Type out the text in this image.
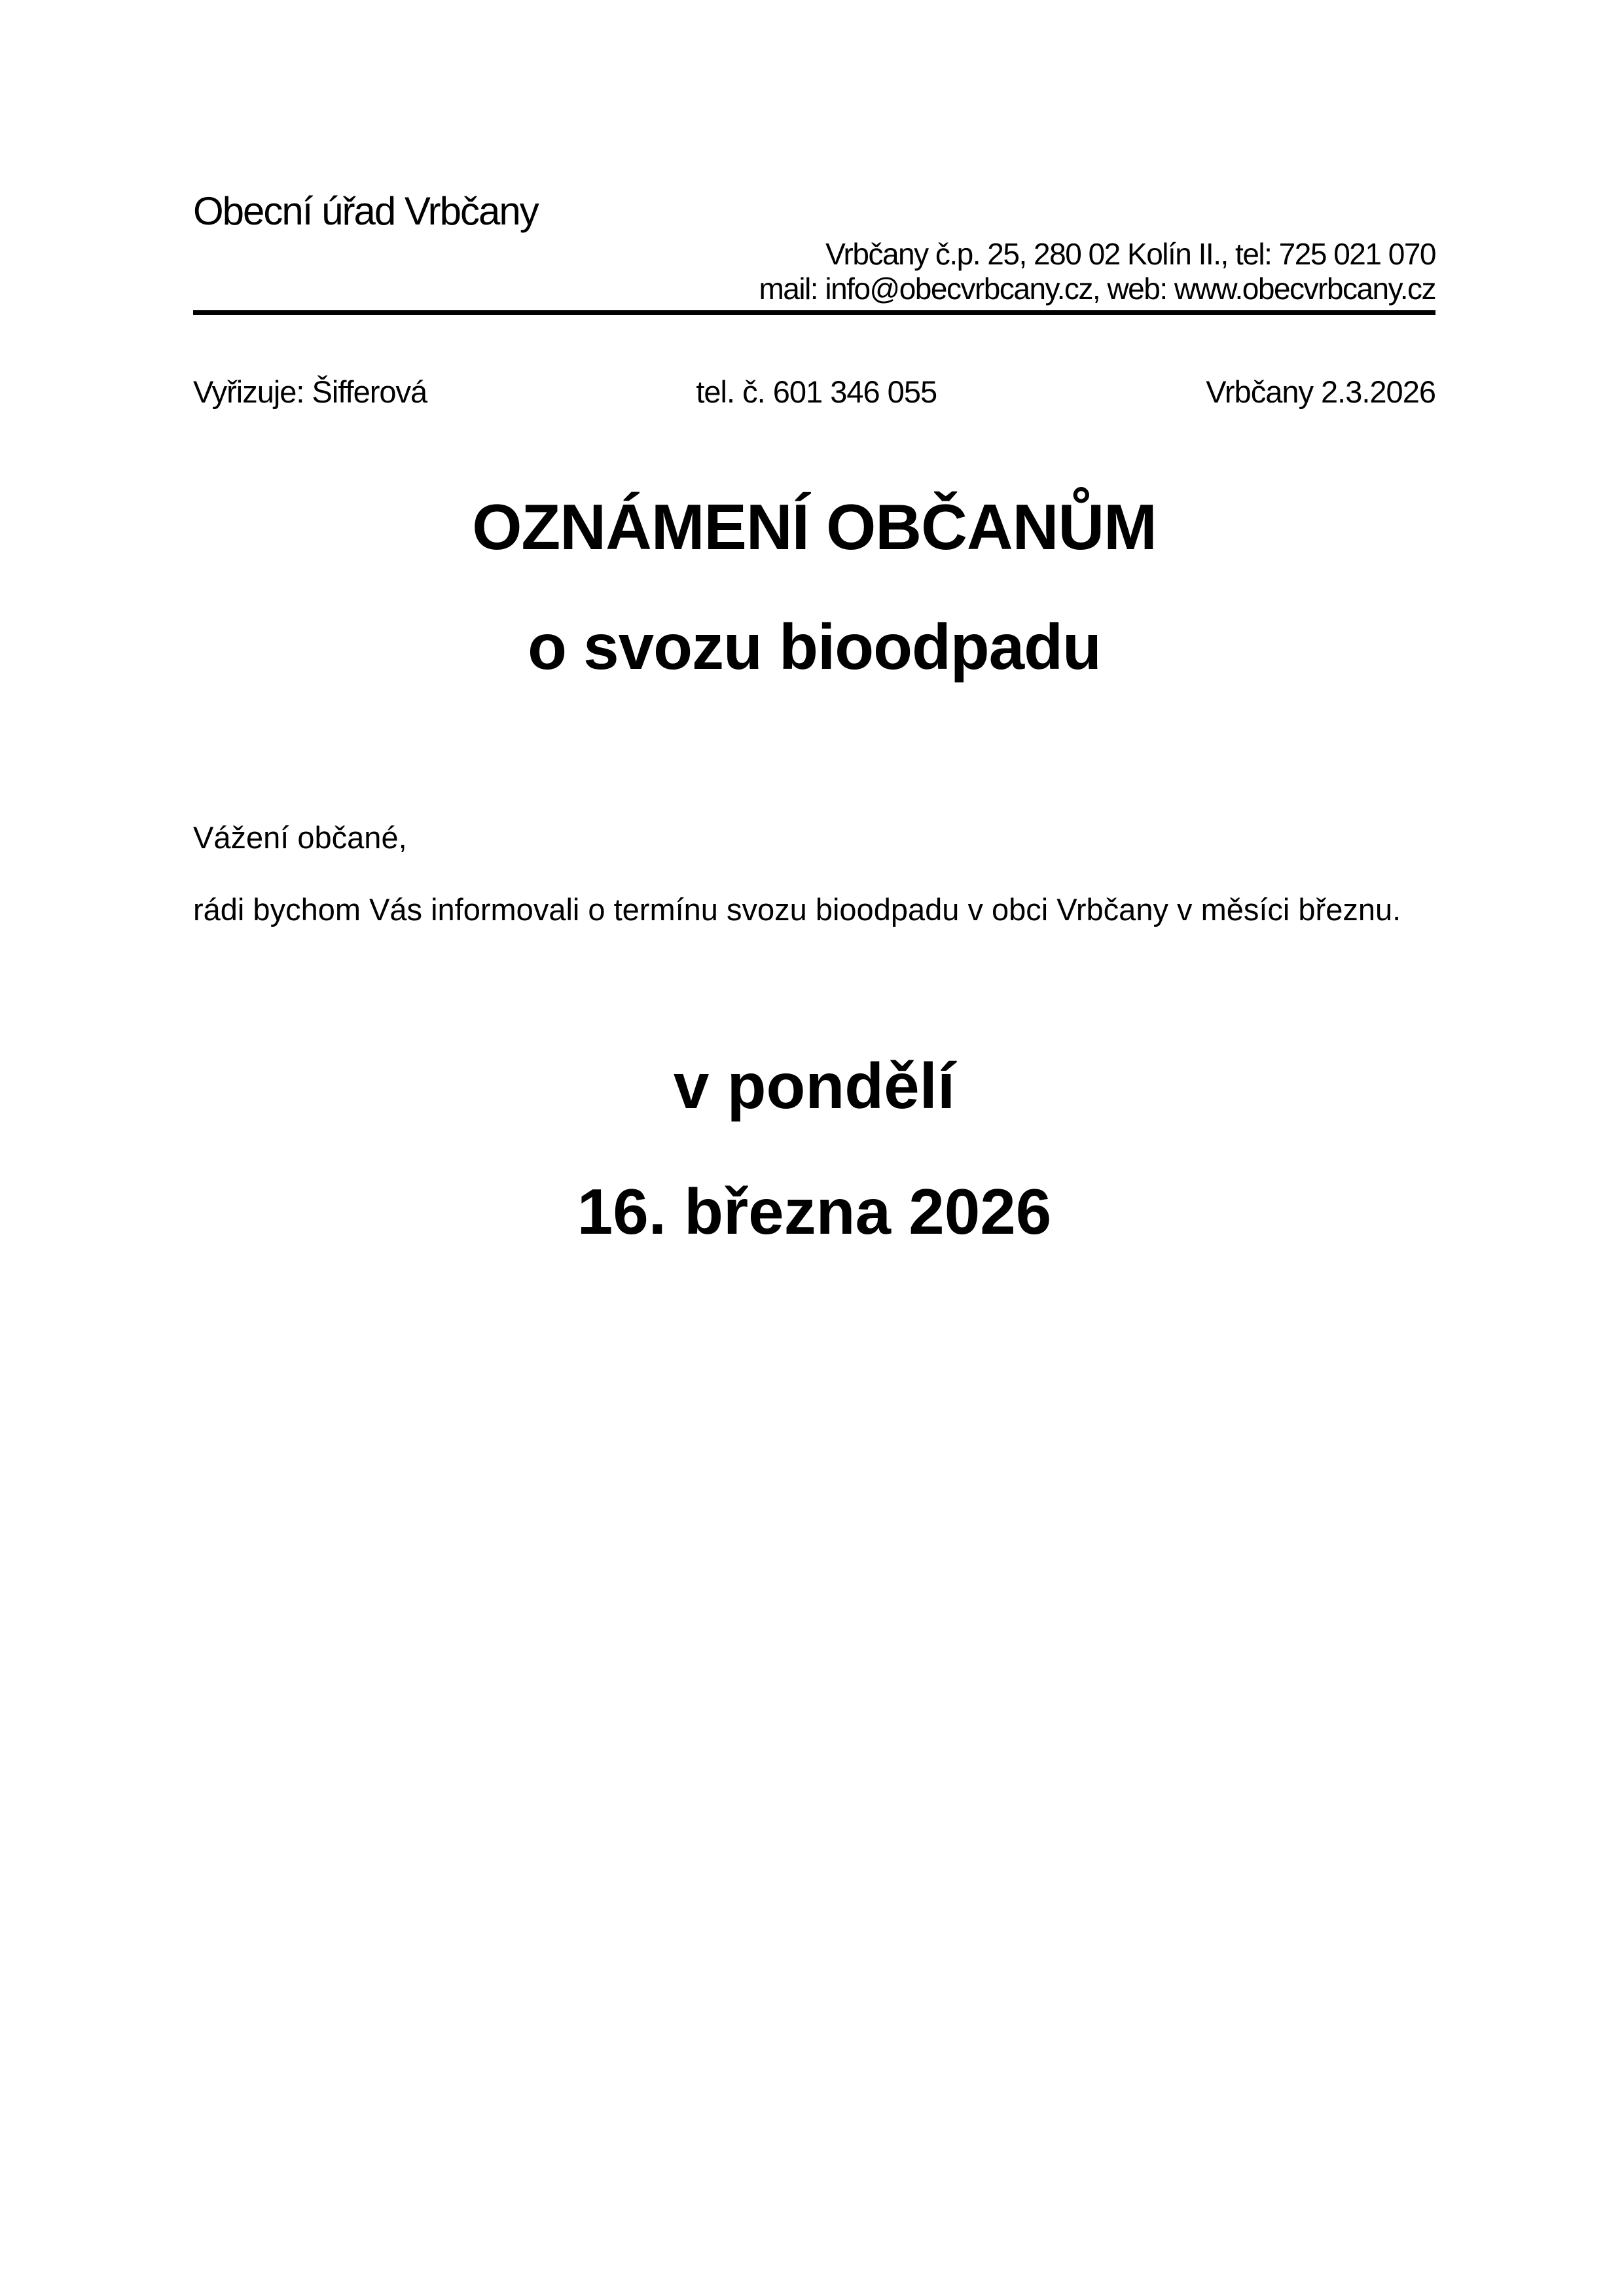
Obecní úřad Vrbčany
Vrbčany č.p. 25, 280 02 Kolín II., tel: 725 021 070
mail: info@obecvrbcany.cz, web: www.obecvrbcany.cz
Vyřizuje: Šifferová	tel. č. 601 346 055	Vrbčany 2.3.2026
OZNÁMENÍ OBČANŮM
o svozu bioodpadu

Vážení občané,

rádi bychom Vás informovali o termínu svozu bioodpadu v obci Vrbčany v měsíci březnu.

v pondělí
16. března 2026
